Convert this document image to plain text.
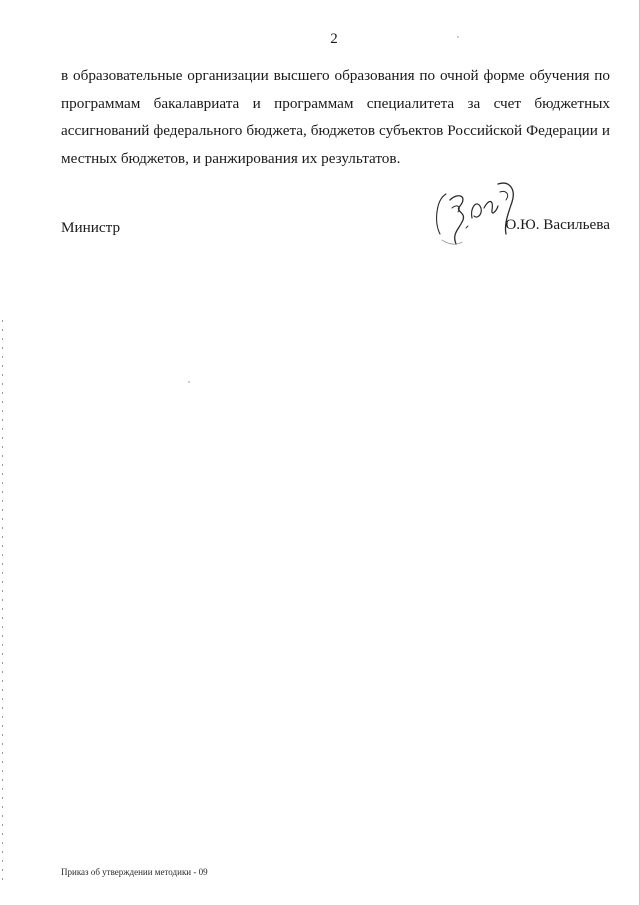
2

в образовательные организации высшего образования по очной форме обучения по программам бакалавриата и программам специалитета за счет бюджетных ассигнований федерального бюджета, бюджетов субъектов Российской Федерации и местных бюджетов, и ранжирования их результатов.

Министр	О.Ю. Васильева
Приказ об утверждении методики - 09
